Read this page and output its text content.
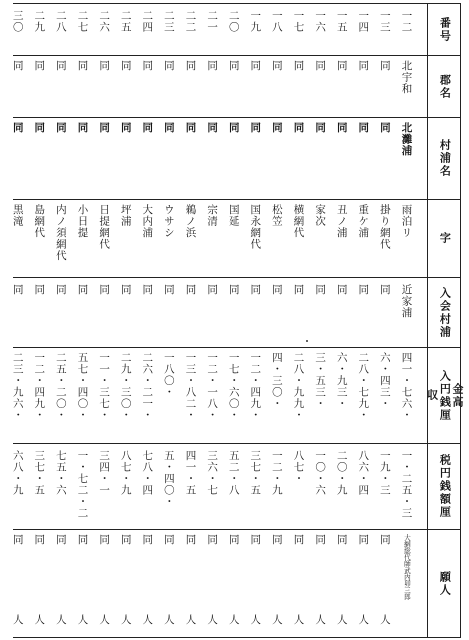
番号
郡名
村浦名
字
入会村浦
収 入円銭厘 金高
税円銭額厘
願人
一二
北宇和
北灘浦
雨泊リ
近家浦
四一・七六・
一・二五・三
大網総代師武内卯三郎
一三
同
同
掛り網代
同
六・四三・
一九・三
同
人
一四
同
同
重ケ浦
同
二八・七九・
八六・四
同
人
一五
同
同
丑ノ浦
同
六・九三・
二〇・九
同
人
一六
同
同
家次
同
三・五三・
一〇・六
同
人
一七
同
同
横網代
同
二八・九九・
八七・
同
人
一八
同
同
松笠
同
四・三〇・
一二・九
同
人
一九
同
同
国永網代
同
一二・四九・
三七・五
同
人
二〇
同
同
国延
同
一七・六〇・
五二・八
同
人
二一
同
同
宗清
同
一二・一八・
三六・七
同
人
二二
同
同
鵜ノ浜
同
一三・八二・
四一・五
同
人
二三
同
同
ウサシ
同
一八〇・
五・四〇・
同
人
二四
同
同
大内浦
同
二六・二一・
七八・四
同
人
二五
同
同
坪浦
同
二九・三〇・
八七・九
同
人
二六
同
同
日提網代
同
一一・三七・
三四・一
同
人
二七
同
同
小日提
同
五七・四〇・
一・七二・二
同
人
二八
同
同
内ノ須網代
同
二五・二〇・
七五・六
同
人
二九
同
同
島網代
同
一二・四九・
三七・五
同
人
三〇
同
同
黒滝
同
二三・九六・
六八・九
同
人
